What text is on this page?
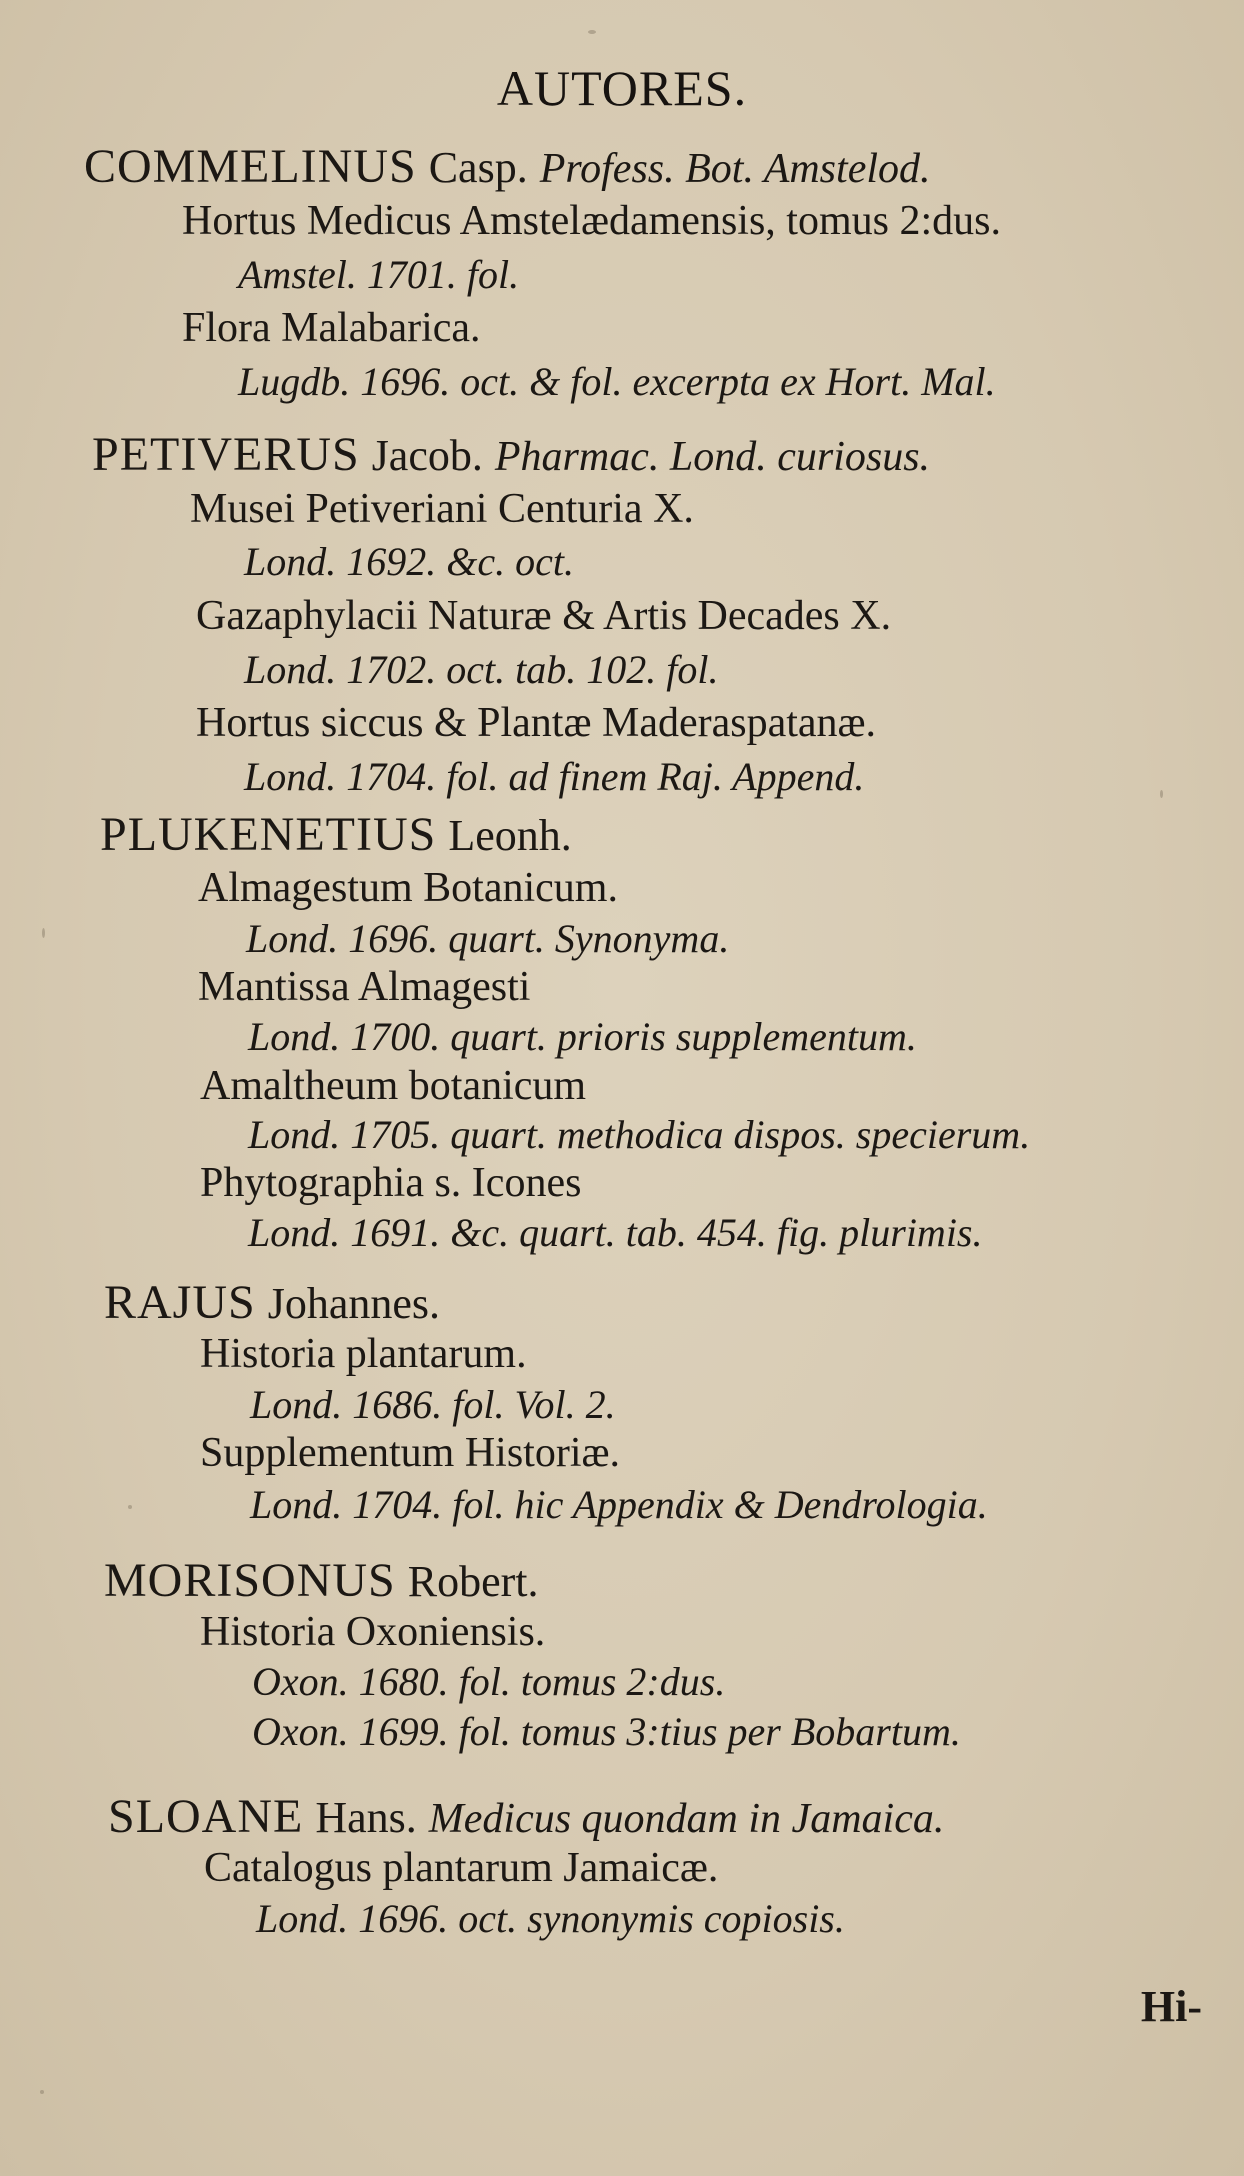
AUTORES.
COMMELINUS Casp. Profess. Bot. Amstelod.
Hortus Medicus Amstelædamensis, tomus 2:dus.
Amstel. 1701. fol.
Flora Malabarica.
Lugdb. 1696. oct. & fol. excerpta ex Hort. Mal.
PETIVERUS Jacob. Pharmac. Lond. curiosus.
Musei Petiveriani Centuria X.
Lond. 1692. &c. oct.
Gazaphylacii Naturæ & Artis Decades X.
Lond. 1702. oct. tab. 102. fol.
Hortus siccus & Plantæ Maderaspatanæ.
Lond. 1704. fol. ad finem Raj. Append.
PLUKENETIUS Leonh.
Almagestum Botanicum.
Lond. 1696. quart. Synonyma.
Mantissa Almagesti
Lond. 1700. quart. prioris supplementum.
Amaltheum botanicum
Lond. 1705. quart. methodica dispos. specierum.
Phytographia s. Icones
Lond. 1691. &c. quart. tab. 454. fig. plurimis.
RAJUS Johannes.
Historia plantarum.
Lond. 1686. fol. Vol. 2.
Supplementum Historiæ.
Lond. 1704. fol. hic Appendix & Dendrologia.
MORISONUS Robert.
Historia Oxoniensis.
Oxon. 1680. fol. tomus 2:dus.
Oxon. 1699. fol. tomus 3:tius per Bobartum.
SLOANE Hans. Medicus quondam in Jamaica.
Catalogus plantarum Jamaicæ.
Lond. 1696. oct. synonymis copiosis.
Hi-
